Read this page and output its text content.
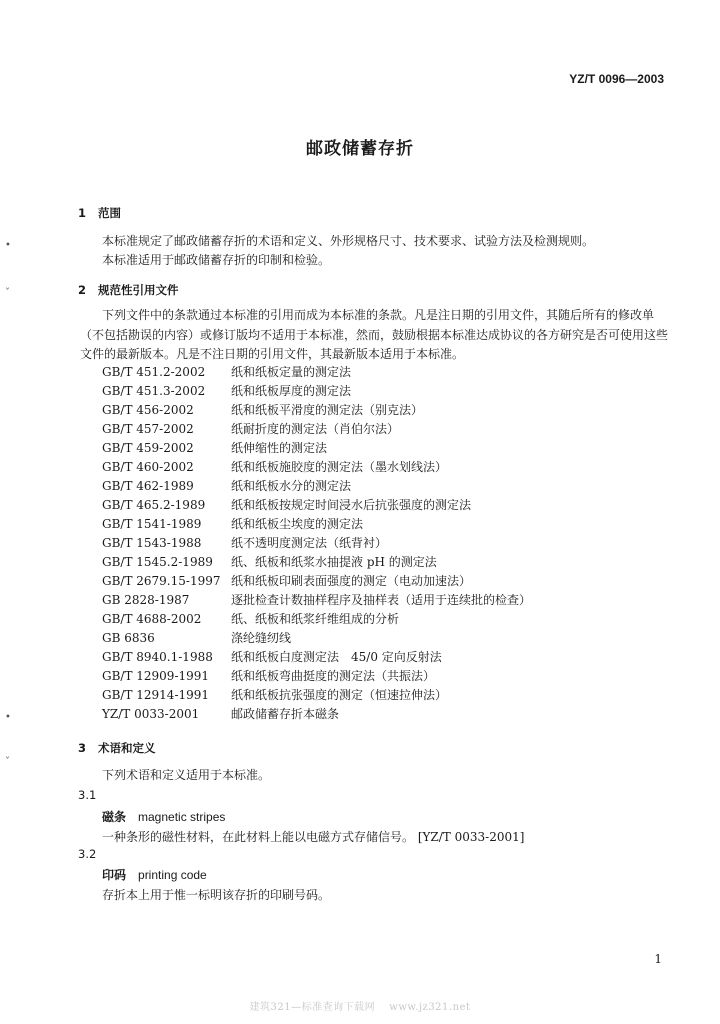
YZ/T 0096—2003
邮政储蓄存折
1 范围
本标准规定了邮政储蓄存折的术语和定义、外形规格尺寸、技术要求、试验方法及检测规则。
本标准适用于邮政储蓄存折的印制和检验。
2 规范性引用文件
下列文件中的条款通过本标准的引用而成为本标准的条款。凡是注日期的引用文件，其随后所有的修改单（不包括勘误的内容）或修订版均不适用于本标准，然而，鼓励根据本标准达成协议的各方研究是否可使用这些文件的最新版本。凡是不注日期的引用文件，其最新版本适用于本标准。
GB/T 451.2-2002 纸和纸板定量的测定法
GB/T 451.3-2002 纸和纸板厚度的测定法
GB/T 456-2002	纸和纸板平滑度的测定法（别克法）
GB/T 457-2002	纸耐折度的测定法（肖伯尔法）
GB/T 459-2002	纸伸缩性的测定法
GB/T 460-2002	纸和纸板施胶度的测定法（墨水划线法）
GB/T 462-1989	纸和纸板水分的测定法
GB/T 465.2-1989 纸和纸板按规定时间浸水后抗张强度的测定法
GB/T 1541-1989 纸和纸板尘埃度的测定法
GB/T 1543-1988 纸不透明度测定法（纸背衬）
GB/T 1545.2-1989 纸、纸板和纸浆水抽提液 pH 的测定法
GB/T 2679.15-1997 纸和纸板印刷表面强度的测定（电动加速法）
GB 2828-1987	逐批检查计数抽样程序及抽样表（适用于连续批的检查）
GB/T 4688-2002 纸、纸板和纸浆纤维组成的分析
GB 6836	涤纶缝纫线
GB/T 8940.1-1988 纸和纸板白度测定法　45/0 定向反射法
GB/T 12909-1991 纸和纸板弯曲挺度的测定法（共振法）
GB/T 12914-1991 纸和纸板抗张强度的测定（恒速拉伸法）
YZ/T 0033-2001	邮政储蓄存折本磁条
3 术语和定义
下列术语和定义适用于本标准。
3.1
磁条 magnetic stripes
一种条形的磁性材料，在此材料上能以电磁方式存储信号。 [YZ/T 0033-2001]
3.2
印码 printing code
存折本上用于惟一标明该存折的印刷号码。
1
建筑321—标准查询下载网　 www.jz321.net
•
ˇ
•
ˇ
